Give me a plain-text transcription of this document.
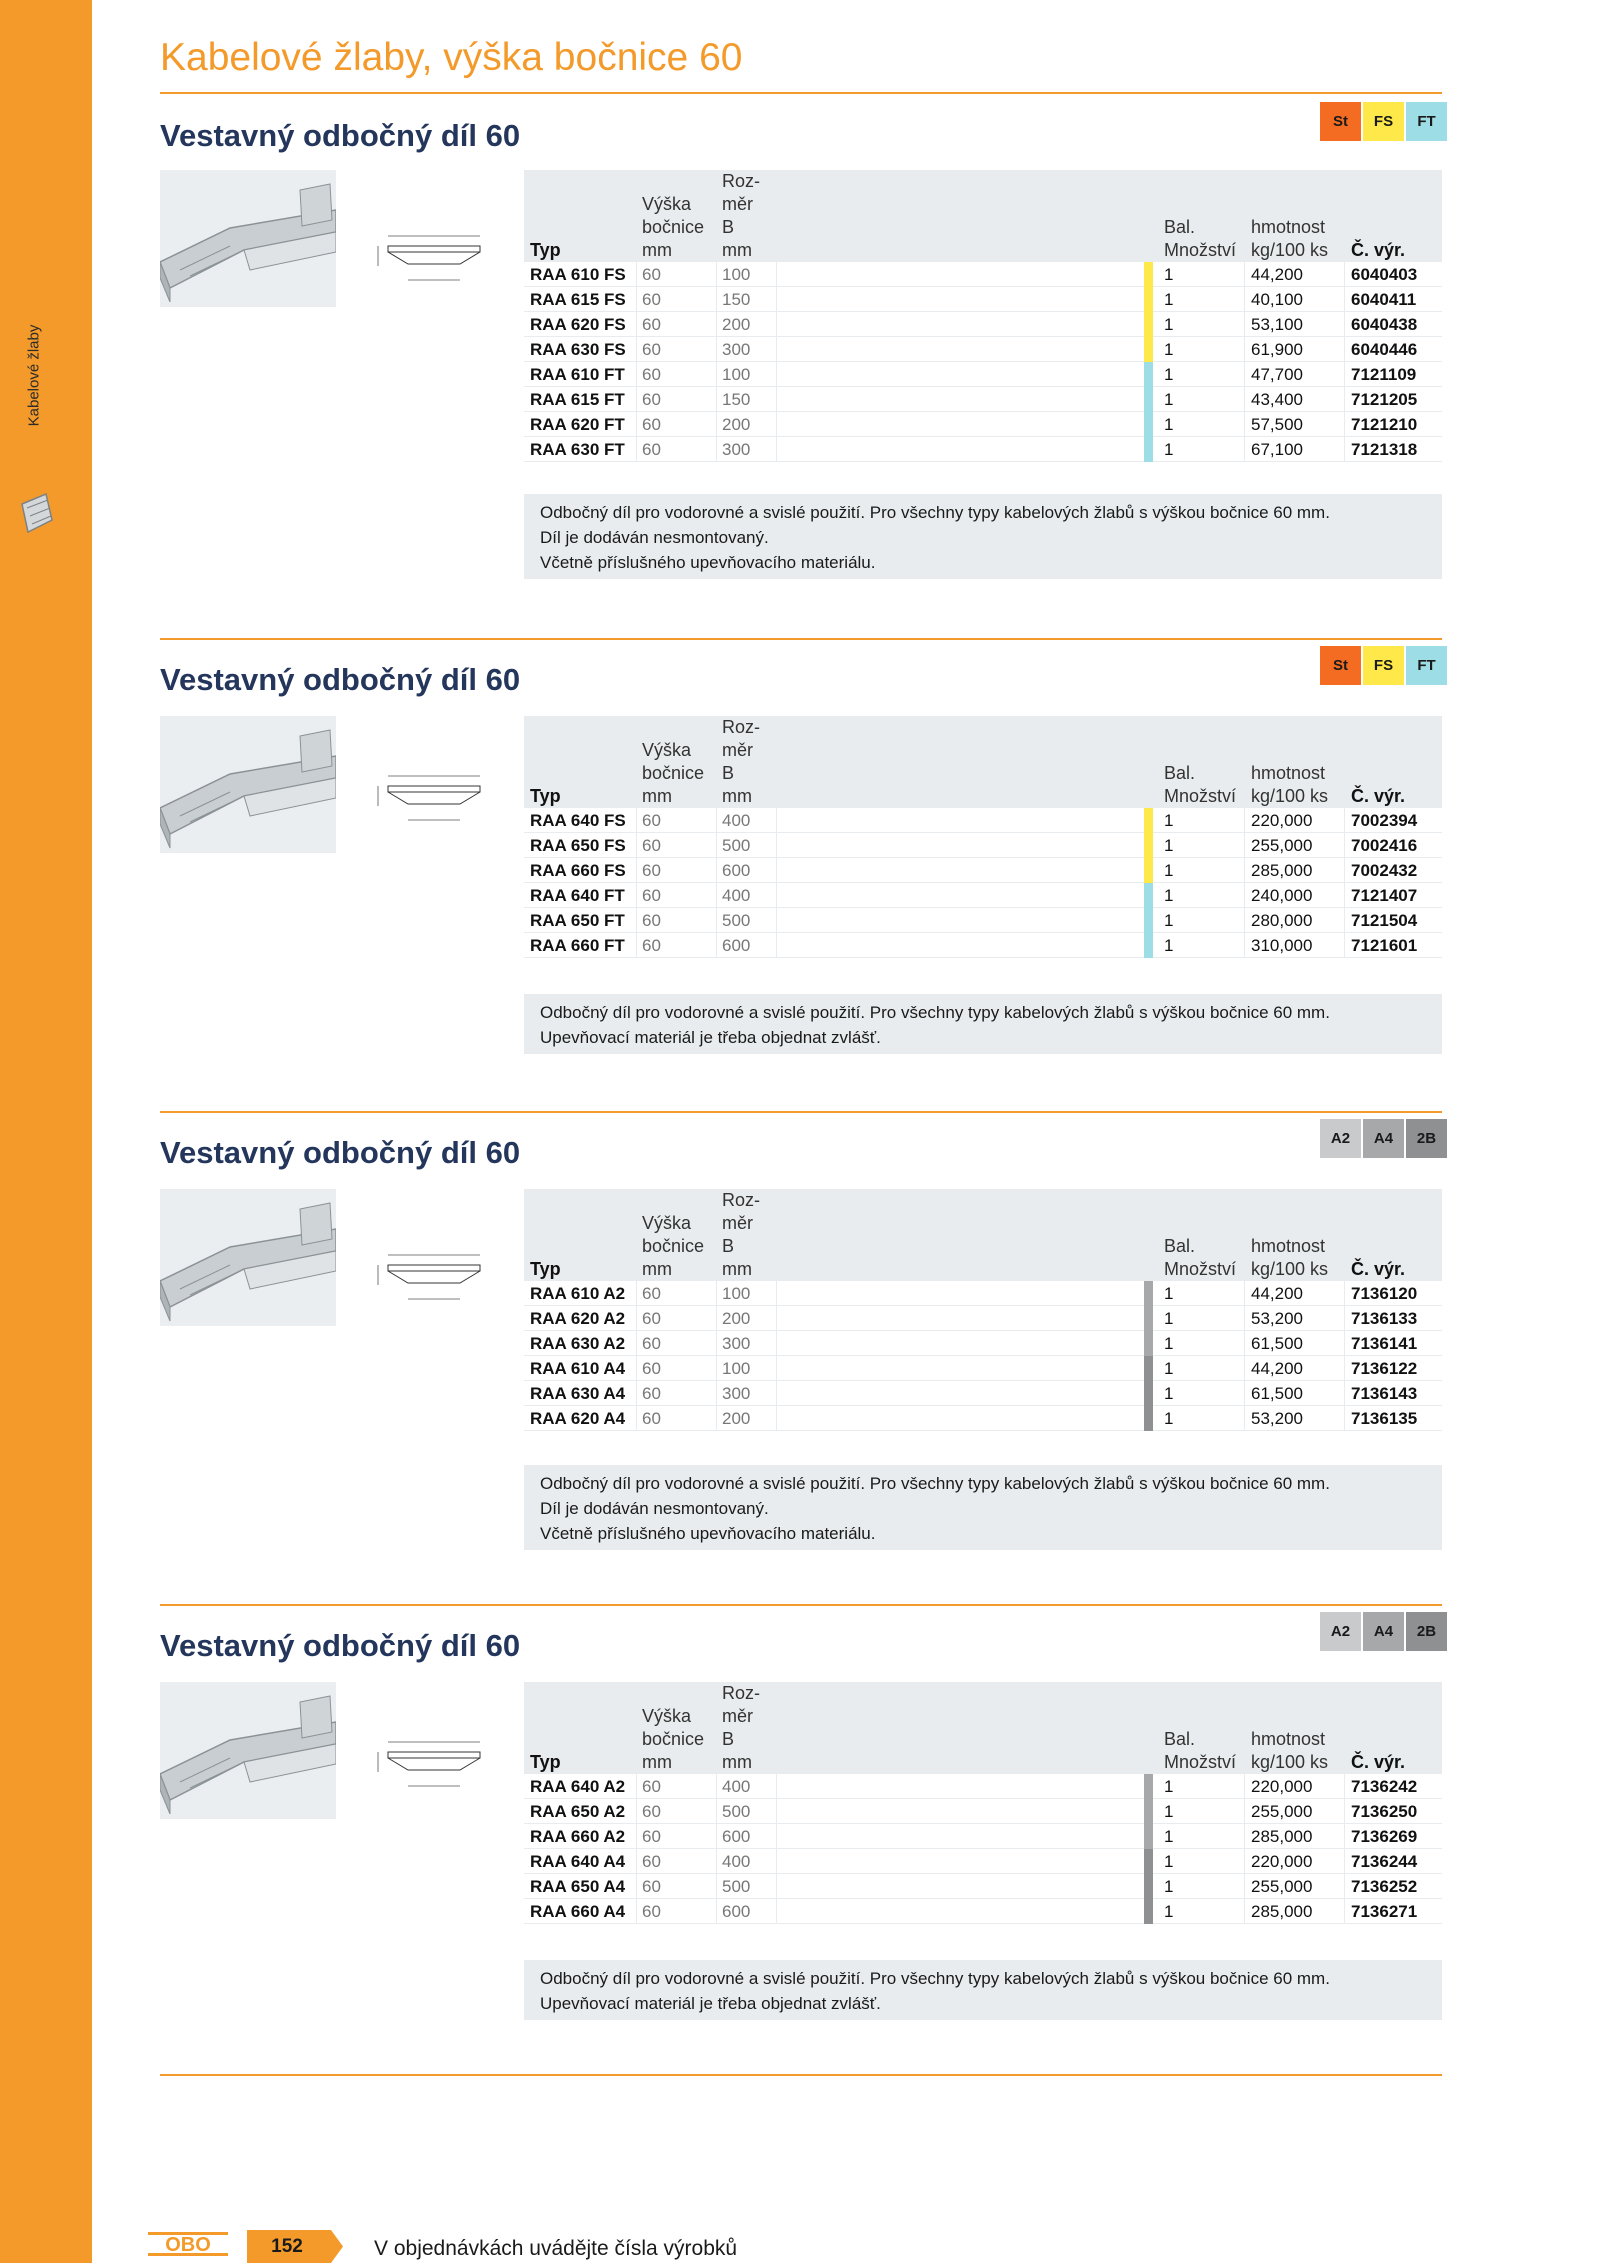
Kabelové žlaby
Kabelové žlaby, výška bočnice 60
Vestavný odbočný díl 60	St	FS	FT
Typ
Výška
bočnice
mm
Roz-
měr
B
mm
Bal.
Množství
hmotnost
kg/100 ks Č. výr.
RAA 610 FS 60	100	1	44,200	6040403
RAA 615 FS 60	150	1	40,100	6040411
RAA 620 FS 60	200	1	53,100	6040438
RAA 630 FS 60	300	1	61,900	6040446
RAA 610 FT 60	100	1	47,700	7121109
RAA 615 FT 60	150	1	43,400	7121205
RAA 620 FT 60	200	1	57,500	7121210
RAA 630 FT 60	300	1	67,100	7121318

Odbočný díl pro vodorovné a svislé použití. Pro všechny typy kabelových žlabů s výškou bočnice 60 mm.

Díl je dodáván nesmontovaný.

Včetně příslušného upevňovacího materiálu.

Vestavný odbočný díl 60	St	FS	FT
Typ
Výška
bočnice
mm
Roz-
měr
B
mm
Bal.
Množství
hmotnost
kg/100 ks Č. výr.
RAA 640 FS 60	400	1	220,000 7002394
RAA 650 FS 60	500	1	255,000 7002416
RAA 660 FS 60	600	1	285,000 7002432
RAA 640 FT 60	400	1	240,000 7121407
RAA 650 FT 60	500	1	280,000 7121504
RAA 660 FT 60	600	1	310,000 7121601

Odbočný díl pro vodorovné a svislé použití. Pro všechny typy kabelových žlabů s výškou bočnice 60 mm.

Upevňovací materiál je třeba objednat zvlášť.

Vestavný odbočný díl 60	A2	A4	2B
Typ
Výška
bočnice
mm
Roz-
měr
B
mm
Bal.
Množství
hmotnost
kg/100 ks Č. výr.
RAA 610 A2 60	100	1	44,200	7136120
RAA 620 A2 60	200	1	53,200	7136133
RAA 630 A2 60	300	1	61,500	7136141
RAA 610 A4 60	100	1	44,200	7136122
RAA 630 A4 60	300	1	61,500	7136143
RAA 620 A4 60	200	1	53,200	7136135

Odbočný díl pro vodorovné a svislé použití. Pro všechny typy kabelových žlabů s výškou bočnice 60 mm.

Díl je dodáván nesmontovaný.

Včetně příslušného upevňovacího materiálu.

Vestavný odbočný díl 60	A2	A4	2B
Typ
Výška
bočnice
mm
Roz-
měr
B
mm
Bal.
Množství
hmotnost
kg/100 ks Č. výr.
RAA 640 A2 60	400	1	220,000 7136242
RAA 650 A2 60	500	1	255,000 7136250
RAA 660 A2 60	600	1	285,000 7136269
RAA 640 A4 60	400	1	220,000 7136244
RAA 650 A4 60	500	1	255,000 7136252
RAA 660 A4 60	600	1	285,000 7136271

Odbočný díl pro vodorovné a svislé použití. Pro všechny typy kabelových žlabů s výškou bočnice 60 mm.

Upevňovací materiál je třeba objednat zvlášť.

OBO	152	V objednávkách uvádějte čísla výrobků
